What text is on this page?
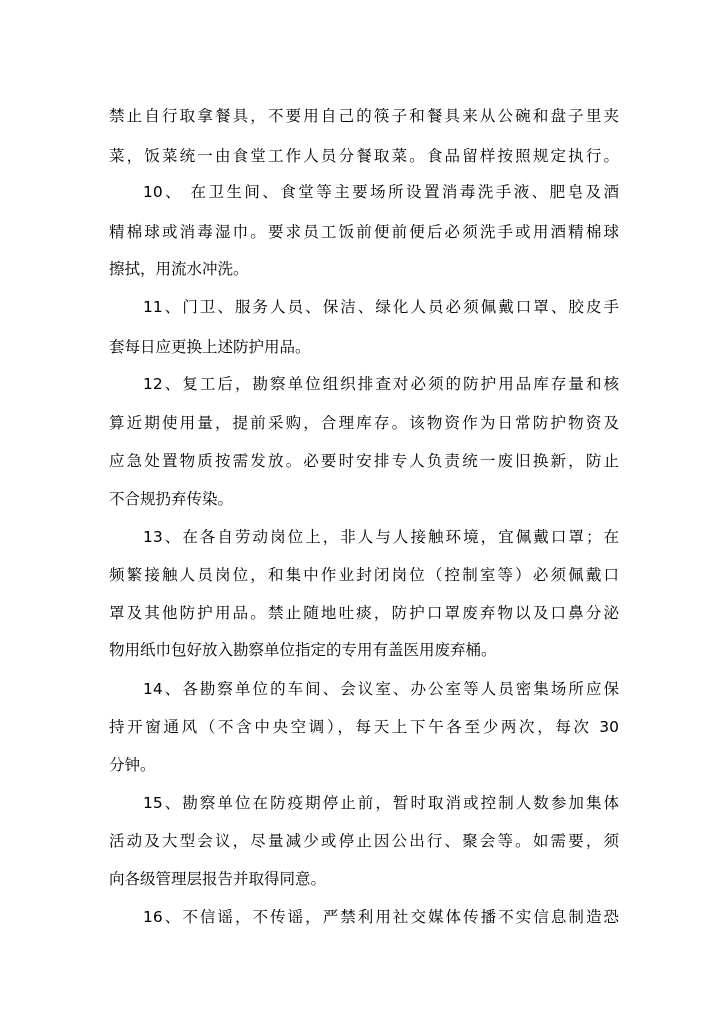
禁止自行取拿餐具，不要用自己的筷子和餐具来从公碗和盘子里夹
菜，饭菜统一由食堂工作人员分餐取菜。食品留样按照规定执行。
10、 在卫生间、食堂等主要场所设置消毒洗手液、肥皂及酒
精棉球或消毒湿巾。要求员工饭前便前便后必须洗手或用酒精棉球
擦拭，用流水冲洗。
11、门卫、服务人员、保洁、绿化人员必须佩戴口罩、胶皮手
套每日应更换上述防护用品。
12、复工后，勘察单位组织排查对必须的防护用品库存量和核
算近期使用量，提前采购，合理库存。该物资作为日常防护物资及
应急处置物质按需发放。必要时安排专人负责统一废旧换新，防止
不合规扔弃传染。
13、在各自劳动岗位上，非人与人接触环境，宜佩戴口罩；在
频繁接触人员岗位，和集中作业封闭岗位（控制室等）必须佩戴口
罩及其他防护用品。禁止随地吐痰，防护口罩废弃物以及口鼻分泌
物用纸巾包好放入勘察单位指定的专用有盖医用废弃桶。
14、各勘察单位的车间、会议室、办公室等人员密集场所应保
持开窗通风（不含中央空调），每天上下午各至少两次，每次 30
分钟。
15、勘察单位在防疫期停止前，暂时取消或控制人数参加集体
活动及大型会议，尽量减少或停止因公出行、聚会等。如需要，须
向各级管理层报告并取得同意。
16、不信谣，不传谣，严禁利用社交媒体传播不实信息制造恐
